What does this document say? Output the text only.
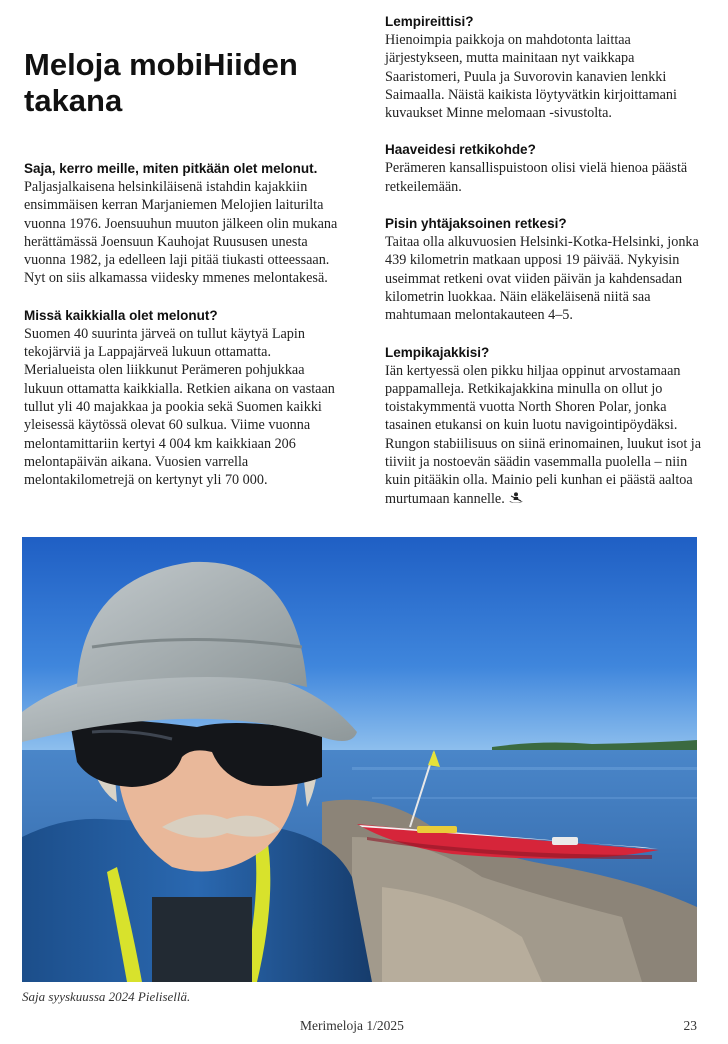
Meloja mobiHiiden takana

Saja, kerro meille, miten pitkään olet melonut.

Paljasjalkaisena helsinkiläisenä istahdin kajakkiin ensimmäisen kerran Marjaniemen Melojien laiturilta vuonna 1976. Joensuuhun muuton jälkeen olin mukana herättämässä Joensuun Kauhojat Ruususen unesta vuonna 1982, ja edelleen laji pitää tiukasti otteessaan. Nyt on siis alkamassa viidesky mmenes melontakesä.

Missä kaikkialla olet melonut?

Suomen 40 suurinta järveä on tullut käytyä Lapin tekojärviä ja Lappajärveä lukuun ottamatta. Merialueista olen liikkunut Perämeren pohjukkaa lukuun ottamatta kaikkialla. Retkien aikana on vastaan tullut yli 40 majakkaa ja pookia sekä Suomen kaikki yleisessä käytössä olevat 60 sulkua. Viime vuonna melontamittariin kertyi 4 004 km kaikkiaan 206 melontapäivän aikana. Vuosien varrella melontakilometrejä on kertynyt yli 70 000.

Lempireittisi?

Hienoimpia paikkoja on mahdotonta laittaa järjestykseen, mutta mainitaan nyt vaikkapa Saaristomeri, Puula ja Suvorovin kanavien lenkki Saimaalla. Näistä kaikista löytyvätkin kirjoittamani kuvaukset Minne melomaan -sivustolta.

Haaveidesi retkikohde?

Perämeren kansallispuistoon olisi vielä hienoa päästä retkeilemään.

Pisin yhtäjaksoinen retkesi?

Taitaa olla alkuvuosien Helsinki-Kotka-Helsinki, jonka 439 kilometrin matkaan upposi 19 päivää. Nykyisin useimmat retkeni ovat viiden päivän ja kahdensadan kilometrin luokkaa. Näin eläkeläisenä niitä saa mahtumaan melontakauteen 4–5.

Lempikajakkisi?

Iän kertyessä olen pikku hiljaa oppinut arvostamaan pappamalleja. Retkikajakkina minulla on ollut jo toistakymmentä vuotta North Shoren Polar, jonka tasainen etukansi on kuin luotu navigointipöydäksi. Rungon stabiilisuus on siinä erinomainen, luukut isot ja tiiviit ja nostoevän säädin vasemmalla puolella – niin kuin pitääkin olla. Mainio peli kunhan ei päästä aaltoa murtumaan kannelle.

Saja syyskuussa 2024 Pielisellä.
Merimeloja 1/2025	23
